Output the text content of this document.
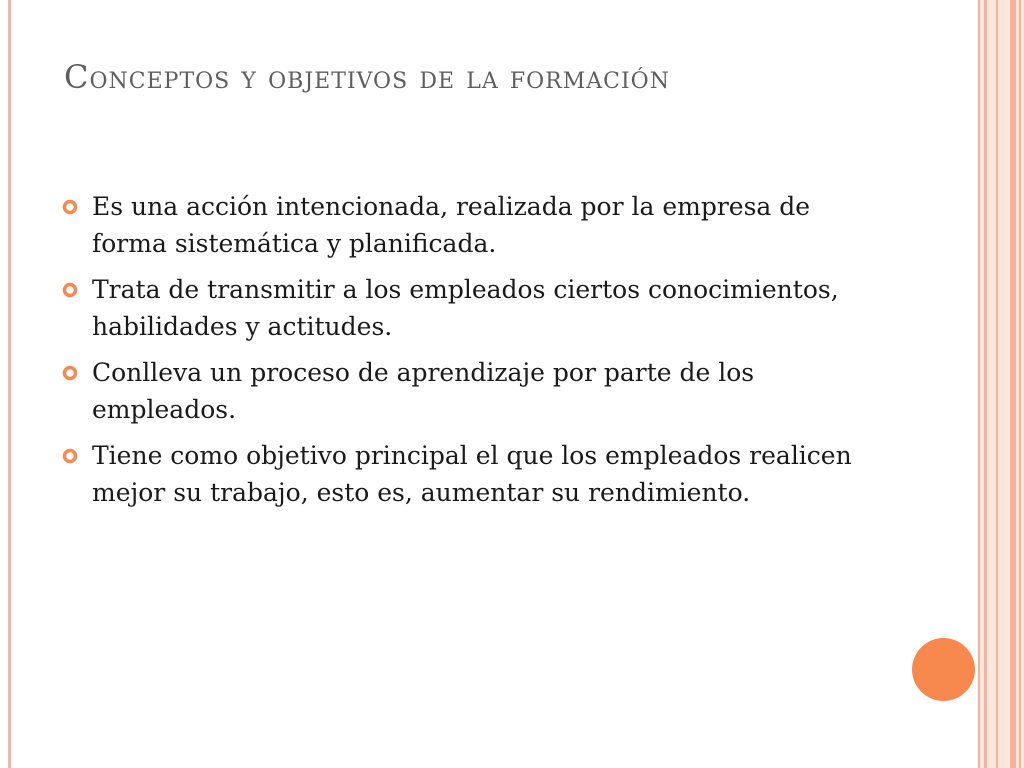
Conceptos y objetivos de la formación
Es una acción intencionada, realizada por la empresa de forma sistemática y planificada.
Trata de transmitir a los empleados ciertos conocimientos, habilidades y actitudes.
Conlleva un proceso de aprendizaje por parte de los empleados.
Tiene como objetivo principal el que los empleados realicen mejor su trabajo, esto es, aumentar su rendimiento.
